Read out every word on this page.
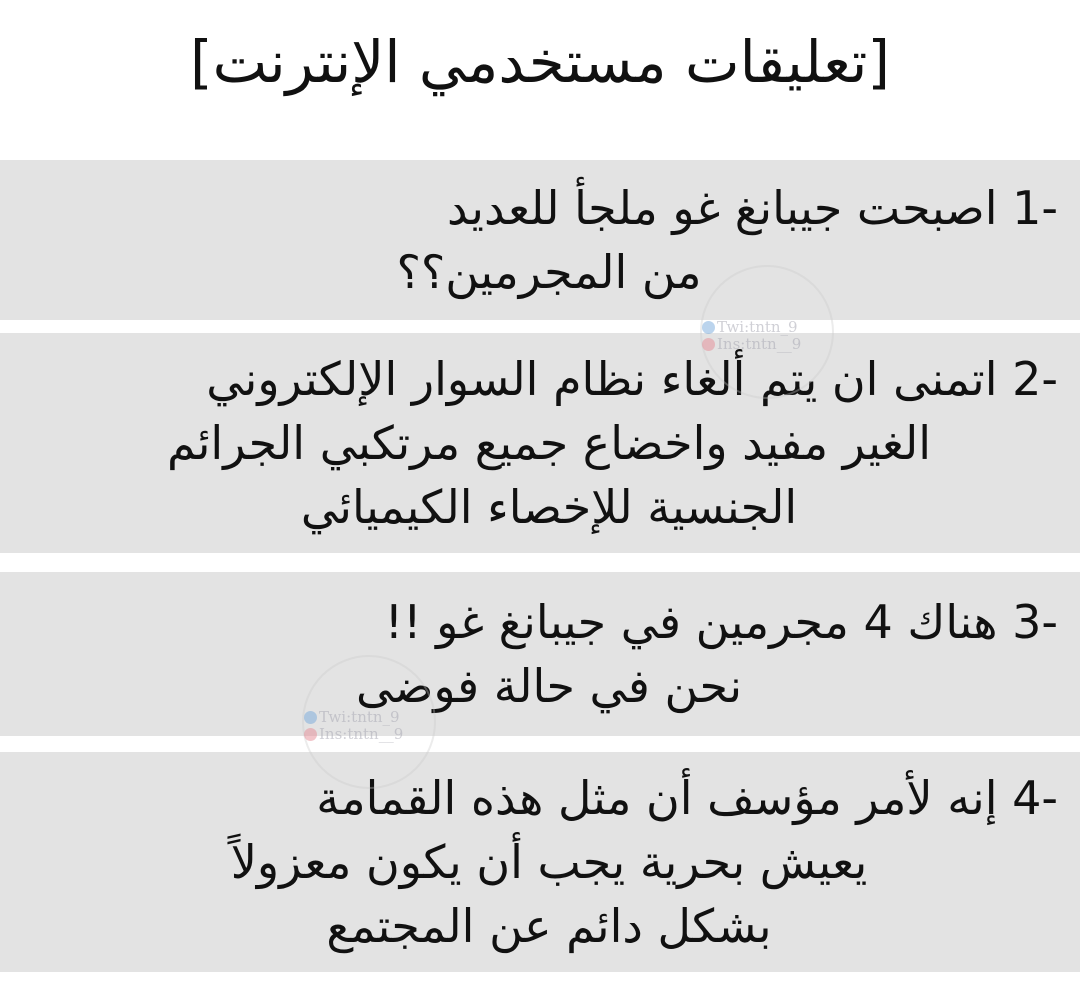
[تعليقات مستخدمي الإنترنت]
1- اصبحت جيبانغ غو ملجأ للعديد
من المجرمين؟؟
2- اتمنى ان يتم ألغاء نظام السوار الإلكتروني
الغير مفيد واخضاع جميع مرتكبي الجرائم
الجنسية للإخصاء الكيميائي
3- هناك 4 مجرمين في جيبانغ غو !!
نحن في حالة فوضى
4- إنه لأمر مؤسف أن مثل هذه القمامة
يعيش بحرية يجب أن يكون معزولاً
بشكل دائم عن المجتمع
Twi:tntn_9
Ins:tntn__9
Twi:tntn_9
Ins:tntn__9
